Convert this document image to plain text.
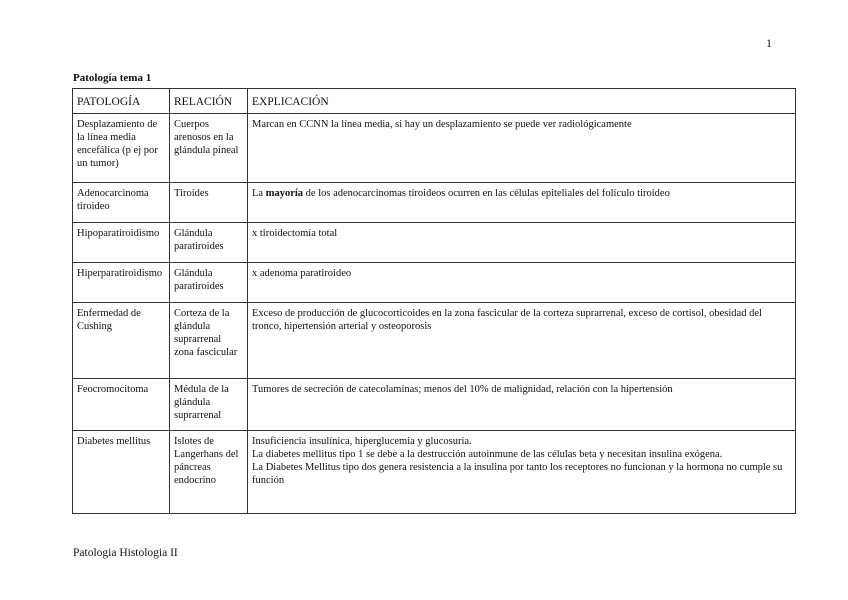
1
Patología tema 1
PATOLOGÍA	RELACIÓN	EXPLICACIÓN
Desplazamiento de la línea media encefálica (p ej por un tumor)	Cuerpos arenosos en la glándula pineal	Marcan en CCNN la línea media, si hay un desplazamiento se puede ver radiológicamente
Adenocarcinoma tiroideo	Tiroides	La mayoría de los adenocarcinomas tiroideos ocurren en las células epiteliales del folículo tiroideo
Hipoparatiroidismo	Glándula paratiroides	x tiroidectomía total
Hiperparatiroidismo	Glándula paratiroides	x adenoma paratiroideo
Enfermedad de Cushing	Corteza de la glándula suprarrenal zona fascicular	Exceso de producción de glucocorticoides en la zona fascicular de la corteza suprarrenal, exceso de cortisol, obesidad del tronco, hipertensión arterial y osteoporosis
Feocromocitoma	Médula de la glándula suprarrenal	Tumores de secreción de catecolaminas; menos del 10% de malignidad, relación con la hipertensión
Diabetes mellitus	Islotes de Langerhans del páncreas endocrino	Insuficiencia insulínica, hiperglucemia y glucosuria.
La diabetes mellitus tipo 1 se debe a la destrucción autoinmune de las células beta y necesitan insulina exógena.
La Diabetes Mellitus tipo dos genera resistencia a la insulina por tanto los receptores no funcionan y la hormona no cumple su función
Patologia Histologia II
